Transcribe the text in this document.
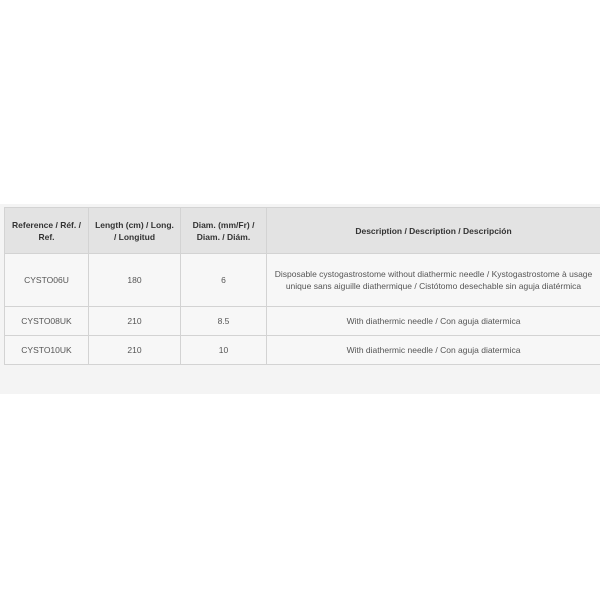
Reference / Réf. / Ref.	Length (cm) / Long. / Longitud	Diam. (mm/Fr) / Diam. / Diám.	Description / Description / Descripción
CYSTO06U	180	6	Disposable cystogastrostome without diathermic needle / Kystogastrostome à usage unique sans aiguille diathermique / Cistótomo desechable sin aguja diatérmica
CYSTO08UK	210	8.5	With diathermic needle / Con aguja diatermica
CYSTO10UK	210	10	With diathermic needle / Con aguja diatermica
